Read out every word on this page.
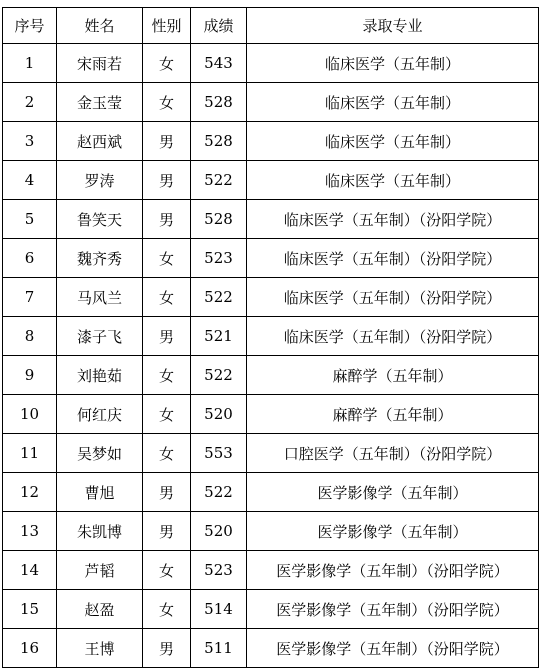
序号	姓名	性别	成绩	录取专业
1	宋雨若	女	543	临床医学（五年制）
2	金玉莹	女	528	临床医学（五年制）
3	赵西斌	男	528	临床医学（五年制）
4	罗涛	男	522	临床医学（五年制）
5	鲁笑天	男	528	临床医学（五年制）（汾阳学院）
6	魏齐秀	女	523	临床医学（五年制）（汾阳学院）
7	马风兰	女	522	临床医学（五年制）（汾阳学院）
8	漆子飞	男	521	临床医学（五年制）（汾阳学院）
9	刘艳茹	女	522	麻醉学（五年制）
10	何红庆	女	520	麻醉学（五年制）
11	吴梦如	女	553	口腔医学（五年制）（汾阳学院）
12	曹旭	男	522	医学影像学（五年制）
13	朱凯博	男	520	医学影像学（五年制）
14	芦韬	女	523	医学影像学（五年制）（汾阳学院）
15	赵盈	女	514	医学影像学（五年制）（汾阳学院）
16	王博	男	511	医学影像学（五年制）（汾阳学院）
